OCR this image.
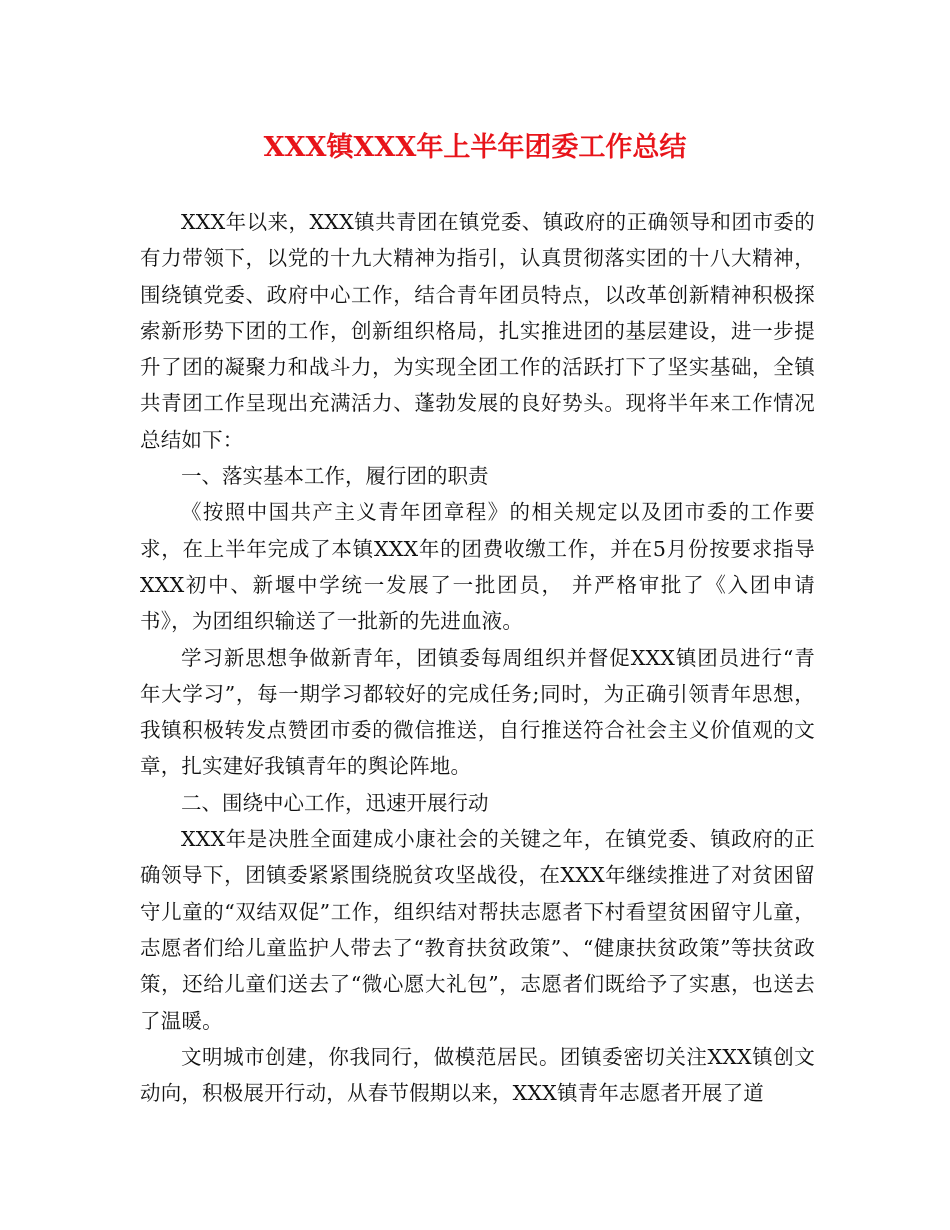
XXX镇XXX年上半年团委工作总结

XXX年以来，XXX镇共青团在镇党委、镇政府的正确领导和团市委的有力带领下，以党的十九大精神为指引，认真贯彻落实团的十八大精神，围绕镇党委、政府中心工作，结合青年团员特点，以改革创新精神积极探索新形势下团的工作，创新组织格局，扎实推进团的基层建设，进一步提升了团的凝聚力和战斗力，为实现全团工作的活跃打下了坚实基础，全镇共青团工作呈现出充满活力、蓬勃发展的良好势头。现将半年来工作情况总结如下：

一、落实基本工作，履行团的职责

《按照中国共产主义青年团章程》的相关规定以及团市委的工作要求，在上半年完成了本镇XXX年的团费收缴工作，并在5月份按要求指导XXX初中、新堰中学统一发展了一批团员， 并严格审批了《入团申请书》，为团组织输送了一批新的先进血液。

学习新思想争做新青年，团镇委每周组织并督促XXX镇团员进行“青年大学习”，每一期学习都较好的完成任务;同时，为正确引领青年思想，我镇积极转发点赞团市委的微信推送，自行推送符合社会主义价值观的文章，扎实建好我镇青年的舆论阵地。

二、围绕中心工作，迅速开展行动

XXX年是决胜全面建成小康社会的关键之年，在镇党委、镇政府的正确领导下，团镇委紧紧围绕脱贫攻坚战役，在XXX年继续推进了对贫困留守儿童的“双结双促”工作，组织结对帮扶志愿者下村看望贫困留守儿童，志愿者们给儿童监护人带去了“教育扶贫政策”、“健康扶贫政策”等扶贫政策，还给儿童们送去了“微心愿大礼包”，志愿者们既给予了实惠，也送去了温暖。

文明城市创建，你我同行，做模范居民。团镇委密切关注XXX镇创文动向，积极展开行动，从春节假期以来，XXX镇青年志愿者开展了道
